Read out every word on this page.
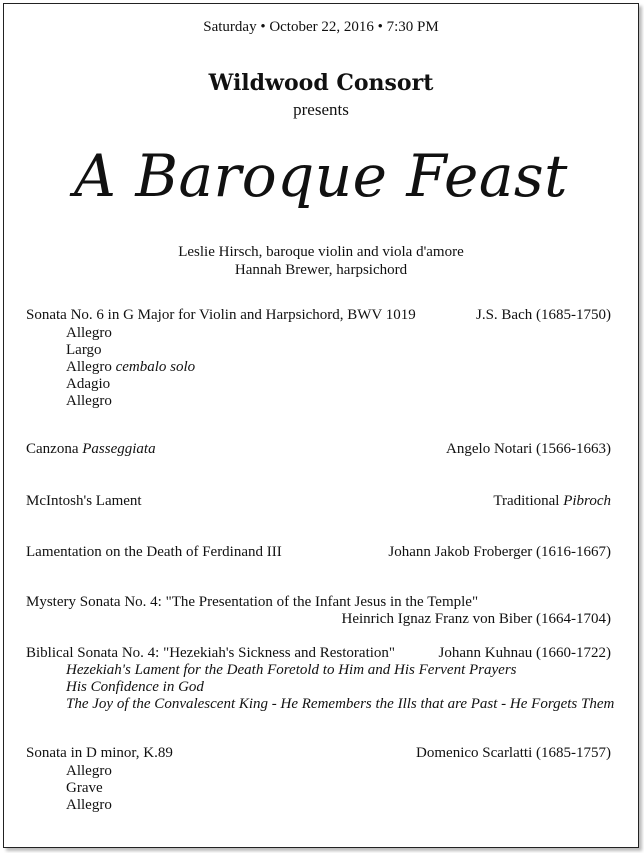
Saturday • October 22, 2016 • 7:30 PM
Wildwood Consort
presents
A Baroque Feast
Leslie Hirsch, baroque violin and viola d'amore
Hannah Brewer, harpsichord
Sonata No. 6 in G Major for Violin and Harpsichord, BWV 1019	J.S. Bach (1685-1750)
Allegro
Largo
Allegro cembalo solo
Adagio
Allegro
Canzona Passeggiata	Angelo Notari (1566-1663)
McIntosh's Lament	Traditional Pibroch
Lamentation on the Death of Ferdinand III	Johann Jakob Froberger (1616-1667)
Mystery Sonata No. 4: "The Presentation of the Infant Jesus in the Temple"
Heinrich Ignaz Franz von Biber (1664-1704)
Biblical Sonata No. 4: "Hezekiah's Sickness and Restoration"	Johann Kuhnau (1660-1722)
Hezekiah's Lament for the Death Foretold to Him and His Fervent Prayers
His Confidence in God
The Joy of the Convalescent King - He Remembers the Ills that are Past - He Forgets Them
Sonata in D minor, K.89	Domenico Scarlatti (1685-1757)
Allegro
Grave
Allegro
